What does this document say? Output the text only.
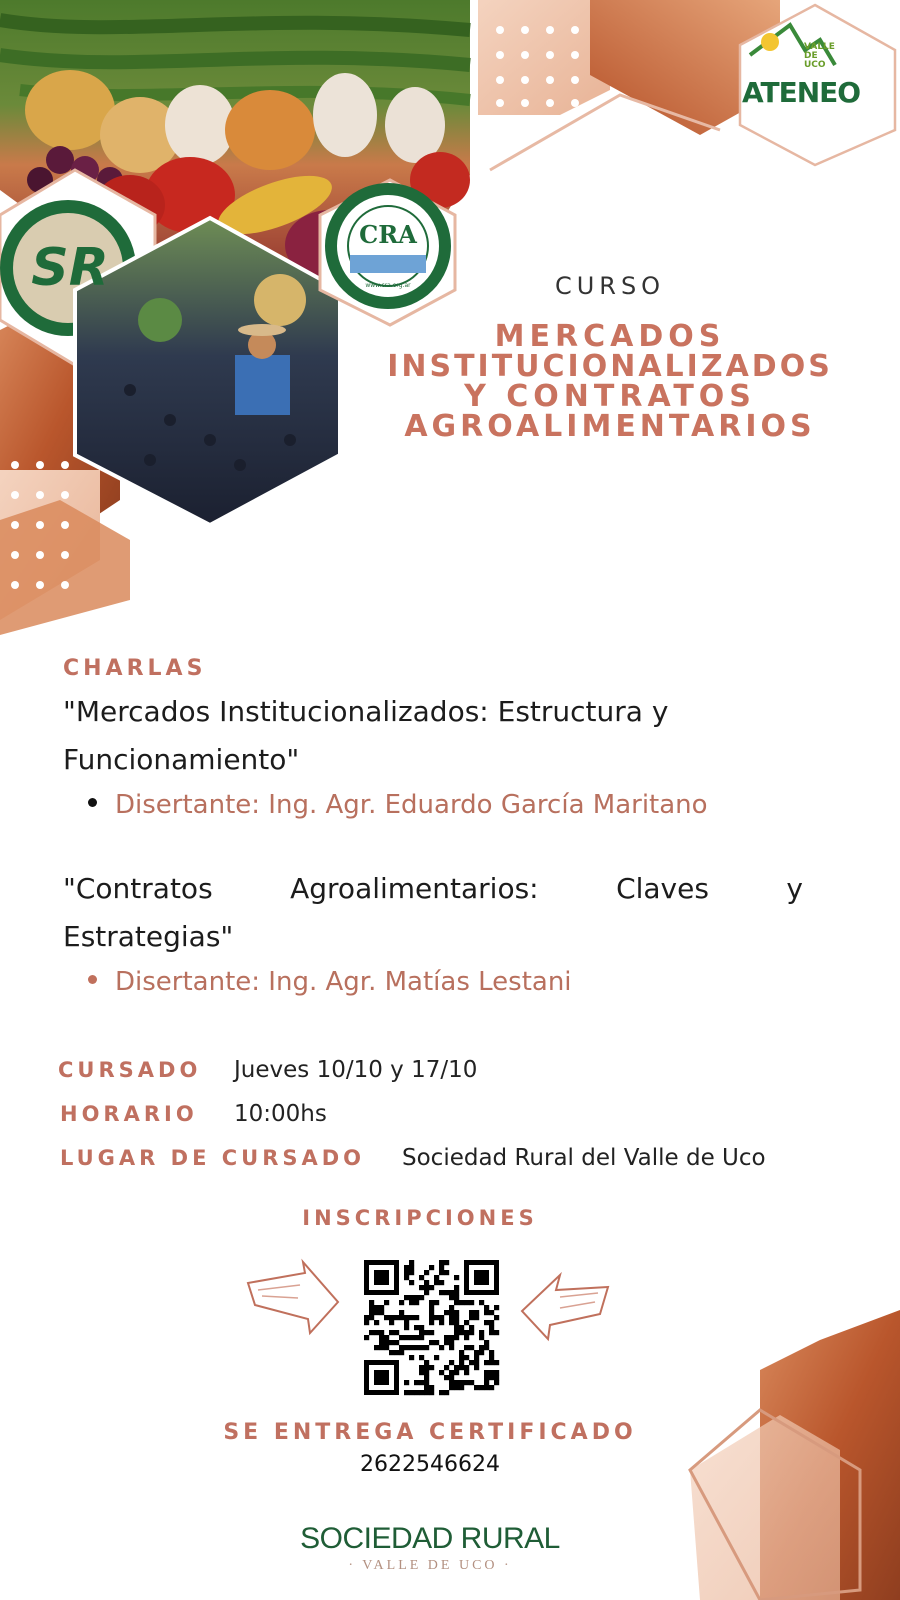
VALLE
DE
UCO
ATENEO
SR
CRA
www.cra.org.ar	CURSO
MERCADOS
INSTITUCIONALIZADOS
Y CONTRATOS
AGROALIMENTARIOS
CHARLAS
"Mercados Institucionalizados: Estructura y
Funcionamiento"
Disertante: Ing. Agr. Eduardo García Maritano
"Contratos	Agroalimentarios:	Claves	y
Estrategias"
Disertante: Ing. Agr. Matías Lestani
CURSADO Jueves 10/10 y 17/10
HORARIO 10:00hs
LUGAR DE CURSADO Sociedad Rural del Valle de Uco
INSCRIPCIONES
SE ENTREGA CERTIFICADO
2622546624
SOCIEDAD RURAL
· VALLE DE UCO ·
